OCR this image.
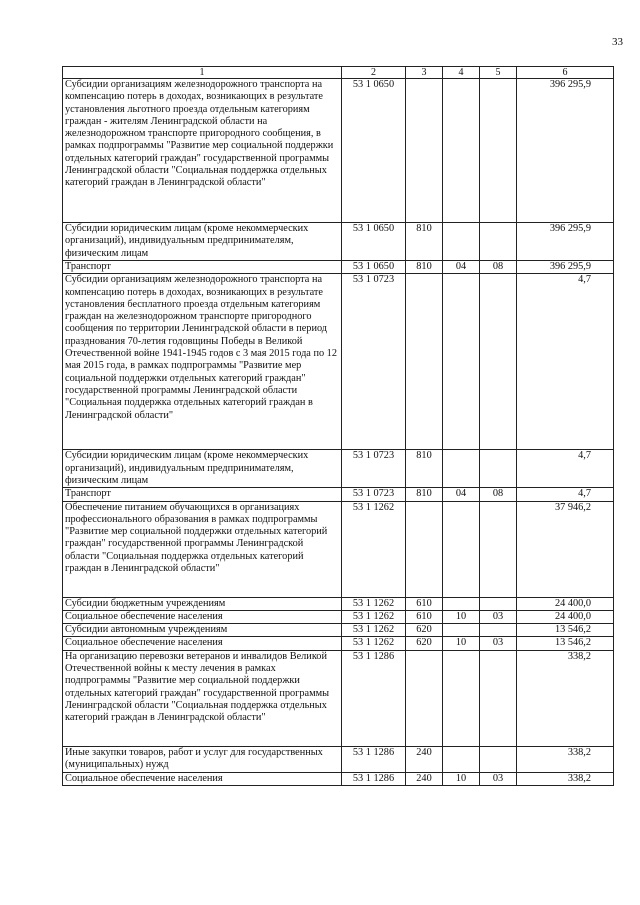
33
1	2	3	4	5	6
Субсидии организациям железнодорожного транспорта на компенсацию потерь в доходах, возникающих в результате установления льготного проезда отдельным категориям граждан - жителям Ленинградской области на железнодорожном транспорте пригородного сообщения, в рамках подпрограммы "Развитие мер социальной поддержки отдельных категорий граждан" государственной программы Ленинградской области "Социальная поддержка отдельных категорий граждан в Ленинградской области"	53 1 0650				396 295,9
Субсидии юридическим лицам (кроме некоммерческих организаций), индивидуальным предпринимателям, физическим лицам	53 1 0650	810			396 295,9
Транспорт	53 1 0650	810	04	08	396 295,9
Субсидии организациям железнодорожного транспорта на компенсацию потерь в доходах, возникающих в результате установления бесплатного проезда отдельным категориям граждан на железнодорожном транспорте пригородного сообщения по территории Ленинградской области в период празднования 70-летия годовщины Победы в Великой Отечественной войне 1941-1945 годов с 3 мая 2015 года по 12 мая 2015 года, в рамках подпрограммы "Развитие мер социальной поддержки отдельных категорий граждан" государственной программы Ленинградской области "Социальная поддержка отдельных категорий граждан в Ленинградской области"	53 1 0723				4,7
Субсидии юридическим лицам (кроме некоммерческих организаций), индивидуальным предпринимателям, физическим лицам	53 1 0723	810			4,7
Транспорт	53 1 0723	810	04	08	4,7
Обеспечение питанием обучающихся в организациях профессионального образования в рамках подпрограммы "Развитие мер социальной поддержки отдельных категорий граждан" государственной программы Ленинградской области "Социальная поддержка отдельных категорий граждан в Ленинградской области"	53 1 1262				37 946,2
Субсидии бюджетным учреждениям	53 1 1262	610			24 400,0
Социальное обеспечение населения	53 1 1262	610	10	03	24 400,0
Субсидии автономным учреждениям	53 1 1262	620			13 546,2
Социальное обеспечение населения	53 1 1262	620	10	03	13 546,2
На организацию перевозки ветеранов и инвалидов Великой Отечественной войны к месту лечения в рамках подпрограммы "Развитие мер социальной поддержки отдельных категорий граждан" государственной программы Ленинградской области "Социальная поддержка отдельных категорий граждан в Ленинградской области"	53 1 1286				338,2
Иные закупки товаров, работ и услуг для государственных (муниципальных) нужд	53 1 1286	240			338,2
Социальное обеспечение населения	53 1 1286	240	10	03	338,2
